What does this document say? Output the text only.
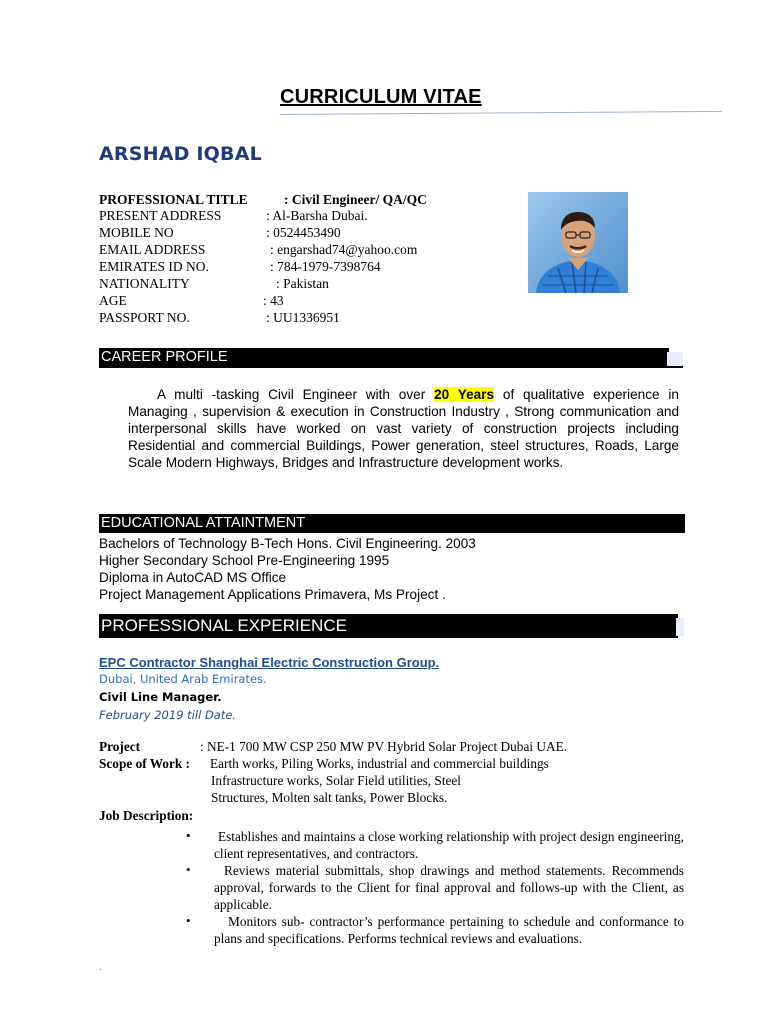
CURRICULUM VITAE
ARSHAD IQBAL
PROFESSIONAL TITLE	: Civil Engineer/ QA/QC
PRESENT ADDRESS	: Al-Barsha Dubai.
MOBILE NO	: 0524453490
EMAIL ADDRESS	: engarshad74@yahoo.com
EMIRATES ID NO.	: 784-1979-7398764
NATIONALITY	: Pakistan
AGE	: 43
PASSPORT NO.	: UU1336951
CAREER PROFILE
A multi -tasking Civil Engineer with over 20 Years of qualitative experience in Managing , supervision & execution in Construction Industry , Strong communication and interpersonal skills have worked on vast variety of construction projects including Residential and commercial Buildings, Power generation, steel structures, Roads, Large Scale Modern Highways, Bridges and Infrastructure development works.
EDUCATIONAL ATTAINTMENT
Bachelors of Technology B-Tech Hons. Civil Engineering. 2003
Higher Secondary School Pre-Engineering 1995
Diploma in AutoCAD MS Office
Project Management Applications Primavera, Ms Project .
PROFESSIONAL EXPERIENCE
EPC Contractor Shanghai Electric Construction Group.
Dubai, United Arab Emirates.
Civil Line Manager.
February 2019 till Date.
Project	: NE-1 700 MW CSP 250 MW PV Hybrid Solar Project Dubai UAE.
Scope of Work : Earth works, Piling Works, industrial and commercial buildings
Infrastructure works, Solar Field utilities, Steel
Structures, Molten salt tanks, Power Blocks.
Job Description:
•	Establishes and maintains a close working relationship with project design engineering, client representatives, and contractors.
•	Reviews material submittals, shop drawings and method statements. Recommends approval, forwards to the Client for final approval and follows-up with the Client, as applicable.
•	Monitors sub- contractor’s performance pertaining to schedule and conformance to plans and specifications. Performs technical reviews and evaluations.
`
